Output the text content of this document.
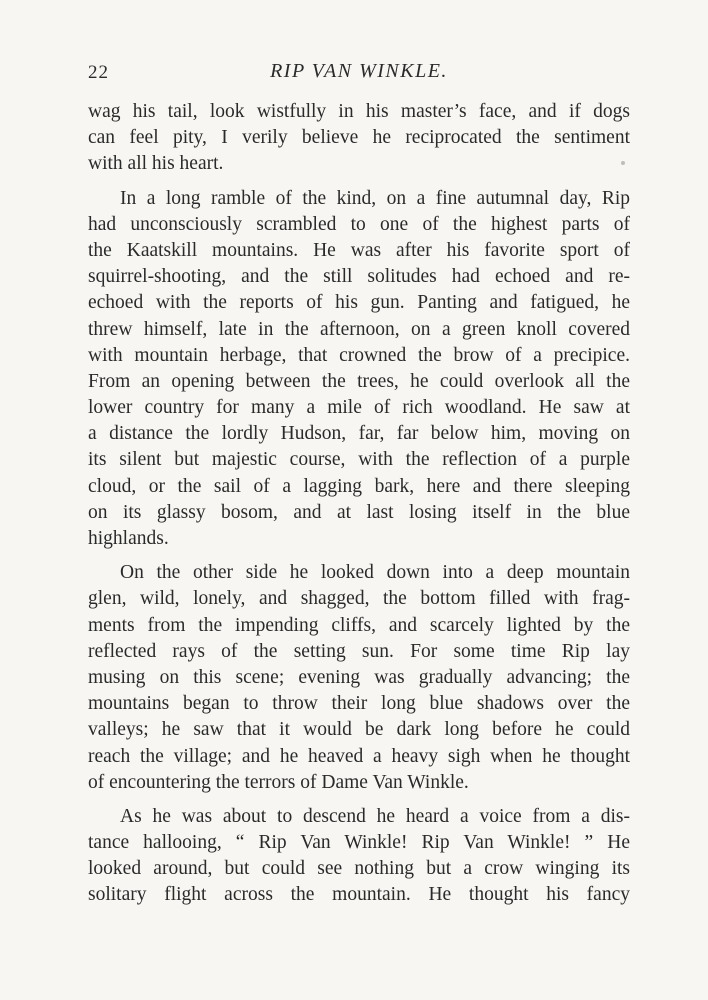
22	RIP VAN WINKLE.
wag his tail, look wistfully in his master’s face, and if dogs
can feel pity, I verily believe he reciprocated the sentiment
with all his heart.
In a long ramble of the kind, on a fine autumnal day, Rip
had unconsciously scrambled to one of the highest parts of
the Kaatskill mountains. He was after his favorite sport of
squirrel-shooting, and the still solitudes had echoed and re-
echoed with the reports of his gun. Panting and fatigued, he
threw himself, late in the afternoon, on a green knoll covered
with mountain herbage, that crowned the brow of a precipice.
From an opening between the trees, he could overlook all the
lower country for many a mile of rich woodland. He saw at
a distance the lordly Hudson, far, far below him, moving on
its silent but majestic course, with the reflection of a purple
cloud, or the sail of a lagging bark, here and there sleeping
on its glassy bosom, and at last losing itself in the blue
highlands.
On the other side he looked down into a deep mountain
glen, wild, lonely, and shagged, the bottom filled with frag-
ments from the impending cliffs, and scarcely lighted by the
reflected rays of the setting sun. For some time Rip lay
musing on this scene; evening was gradually advancing; the
mountains began to throw their long blue shadows over the
valleys; he saw that it would be dark long before he could
reach the village; and he heaved a heavy sigh when he thought
of encountering the terrors of Dame Van Winkle.
As he was about to descend he heard a voice from a dis-
tance hallooing, “ Rip Van Winkle! Rip Van Winkle! ” He
looked around, but could see nothing but a crow winging its
solitary flight across the mountain. He thought his fancy
